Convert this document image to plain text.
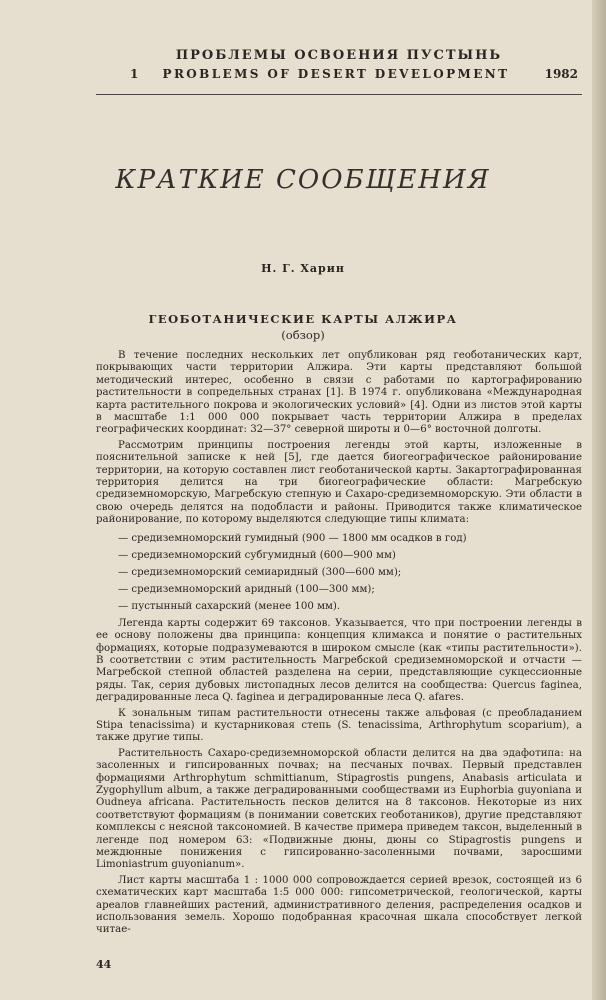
ПРОБЛЕМЫ ОСВОЕНИЯ ПУСТЫНЬ
1	PROBLEMS OF DESERT DEVELOPMENT	1982
КРАТКИЕ СООБЩЕНИЯ
Н. Г. Харин
ГЕОБОТАНИЧЕСКИЕ КАРТЫ АЛЖИРА
(обзор)

В течение последних нескольких лет опубликован ряд геоботанических карт, покрывающих части территории Алжира. Эти карты представляют большой методический интерес, особенно в связи с работами по картографированию растительности в сопредельных странах [1]. В 1974 г. опубликована «Международная карта растительного покрова и экологических условий» [4]. Одни из листов этой карты в масштабе 1:1 000 000 покрывает часть территории Алжира в пределах географических координат: 32—37° северной широты и 0—6° восточной долготы.

Рассмотрим принципы построения легенды этой карты, изложенные в пояснительной записке к ней [5], где дается биогеографическое районирование территории, на которую составлен лист геоботанической карты. Закартографированная территория делится на три биогеографические области: Магребскую средиземноморскую, Магребскую степную и Сахаро-средиземноморскую. Эти области в свою очередь делятся на подобласти и районы. Приводится также климатическое районирование, по которому выделяются следующие типы климата:

— средиземноморский гумидный (900 — 1800 мм осадков в год)
— средиземноморский субгумидный (600—900 мм)
— средиземноморский семиаридный (300—600 мм);
— средиземноморский аридный (100—300 мм);
— пустынный сахарский (менее 100 мм).

Легенда карты содержит 69 таксонов. Указывается, что при построении легенды в ее основу положены два принципа: концепция климакса и понятие о растительных формациях, которые подразумеваются в широком смысле (как «типы растительности»). В соответствии с этим растительность Магребской средиземноморской и отчасти — Магребской степной областей разделена на серии, представляющие сукцессионные ряды. Так, серия дубовых листопадных лесов делится на сообщества: Quercus faginea, деградированные леса Q. faginea и деградированные леса Q. afares.

К зональным типам растительности отнесены также альфовая (с преобладанием Stipa tenacissima) и кустарниковая степь (S. tenacissima, Arthrophytum scoparium), а также другие типы.

Растительность Сахаро-средиземноморской области делится на два эдафотипа: на засоленных и гипсированных почвах; на песчаных почвах. Первый представлен формациями Arthrophytum schmittianum, Stipagrostis pungens, Anabasis articulata и Zygophyllum album, а также деградированными сообществами из Euphorbia guyoniana и Oudneya africana. Растительность песков делится на 8 таксонов. Некоторые из них соответствуют формациям (в понимании советских геоботаников), другие представляют комплексы с неясной таксономией. В качестве примера приведем таксон, выделенный в легенде под номером 63: «Подвижные дюны, дюны со Stipagrostis pungens и междюнные понижения с гипсированно-засоленными почвами, заросшими Limoniastrum guyonianum».

Лист карты масштаба 1 : 1000 000 сопровождается серией врезок, состоящей из 6 схематических карт масштаба 1:5 000 000: гипсометрической, геологической, карты ареалов главнейших растений, административного деления, распределения осадков и использования земель. Хорошо подобранная красочная шкала способствует легкой читае-

44
